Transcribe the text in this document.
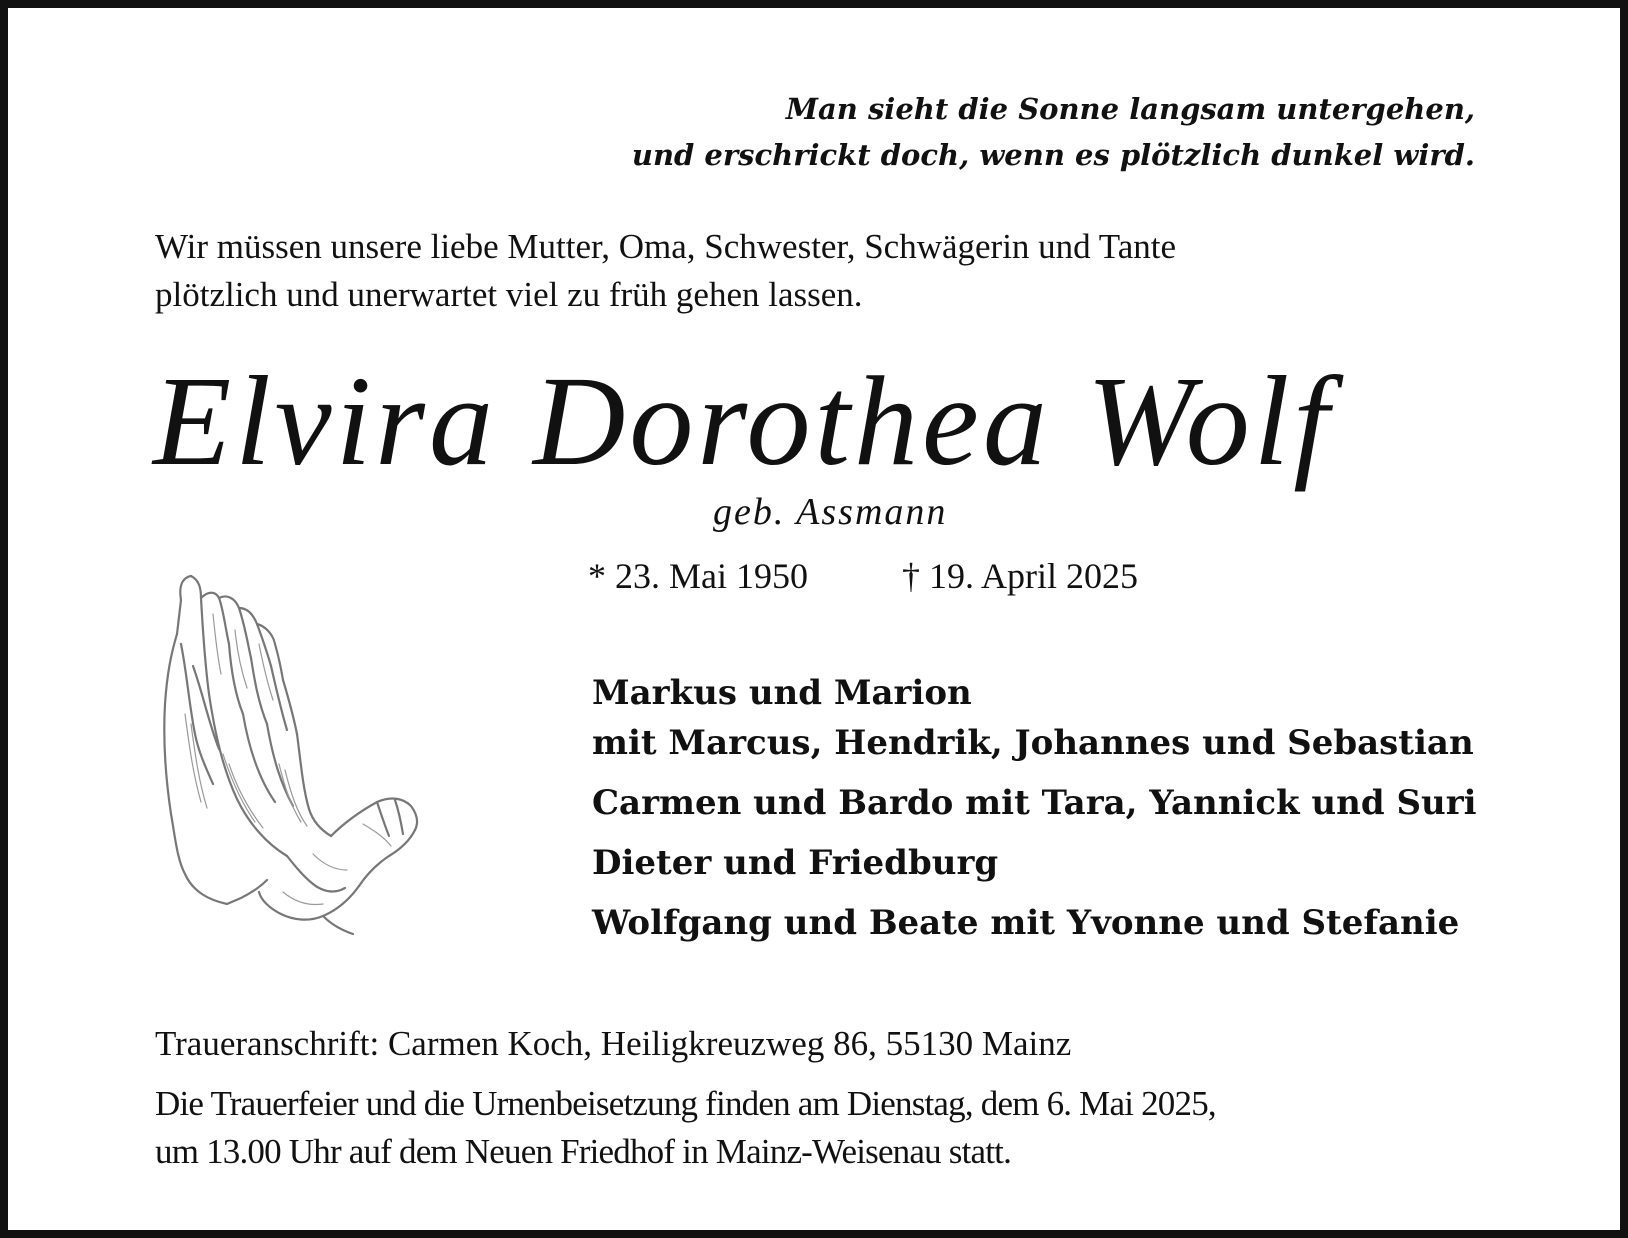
Man sieht die Sonne langsam untergehen,
und erschrickt doch, wenn es plötzlich dunkel wird.
Wir müssen unsere liebe Mutter, Oma, Schwester, Schwägerin und Tante
plötzlich und unerwartet viel zu früh gehen lassen.
Elvira Dorothea Wolf
geb. Assmann
* 23. Mai 1950	† 19. April 2025
Markus und Marion
mit Marcus, Hendrik, Johannes und Sebastian
Carmen und Bardo mit Tara, Yannick und Suri
Dieter und Friedburg
Wolfgang und Beate mit Yvonne und Stefanie
Traueranschrift: Carmen Koch, Heiligkreuzweg 86, 55130 Mainz
Die Trauerfeier und die Urnenbeisetzung finden am Dienstag, dem 6. Mai 2025,
um 13.00 Uhr auf dem Neuen Friedhof in Mainz-Weisenau statt.
